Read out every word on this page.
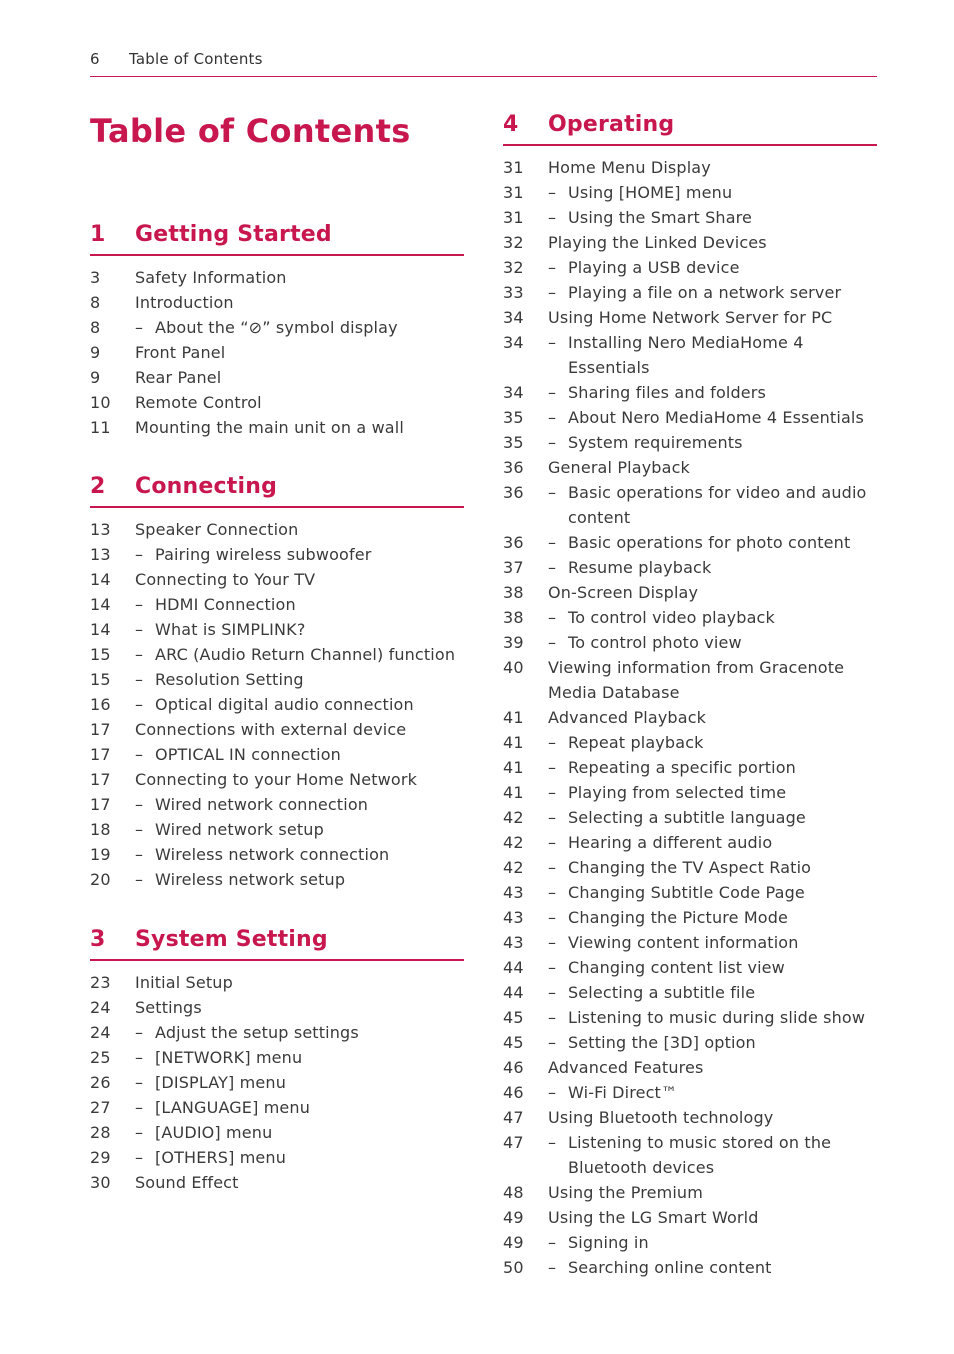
6 Table of Contents
Table of Contents
1 Getting Started
3	Safety Information
8	Introduction
8	– About the “⊘” symbol display
9	Front Panel
9	Rear Panel
10	Remote Control
11	Mounting the main unit on a wall
2 Connecting
13	Speaker Connection
13	– Pairing wireless subwoofer
14	Connecting to Your TV
14	– HDMI Connection
14	– What is SIMPLINK?
15	– ARC (Audio Return Channel) function
15	– Resolution Setting
16	– Optical digital audio connection
17	Connections with external device
17	– OPTICAL IN connection
17	Connecting to your Home Network
17	– Wired network connection
18	– Wired network setup
19	– Wireless network connection
20	– Wireless network setup
3 System Setting
23	Initial Setup
24	Settings
24	– Adjust the setup settings
25	– [NETWORK] menu
26	– [DISPLAY] menu
27	– [LANGUAGE] menu
28	– [AUDIO] menu
29	– [OTHERS] menu
30	Sound Effect
4 Operating
31	Home Menu Display
31	– Using [HOME] menu
31	– Using the Smart Share
32	Playing the Linked Devices
32	– Playing a USB device
33	– Playing a file on a network server
34	Using Home Network Server for PC
34	– Installing Nero MediaHome 4 Essentials
34	– Sharing files and folders
35	– About Nero MediaHome 4 Essentials
35	– System requirements
36	General Playback
36	– Basic operations for video and audio content
36	– Basic operations for photo content
37	– Resume playback
38	On-Screen Display
38	– To control video playback
39	– To control photo view
40	Viewing information from Gracenote Media Database
41	Advanced Playback
41	– Repeat playback
41	– Repeating a specific portion
41	– Playing from selected time
42	– Selecting a subtitle language
42	– Hearing a different audio
42	– Changing the TV Aspect Ratio
43	– Changing Subtitle Code Page
43	– Changing the Picture Mode
43	– Viewing content information
44	– Changing content list view
44	– Selecting a subtitle file
45	– Listening to music during slide show
45	– Setting the [3D] option
46	Advanced Features
46	– Wi-Fi Direct™
47	Using Bluetooth technology
47	– Listening to music stored on the Bluetooth devices
48	Using the Premium
49	Using the LG Smart World
49	– Signing in
50	– Searching online content
